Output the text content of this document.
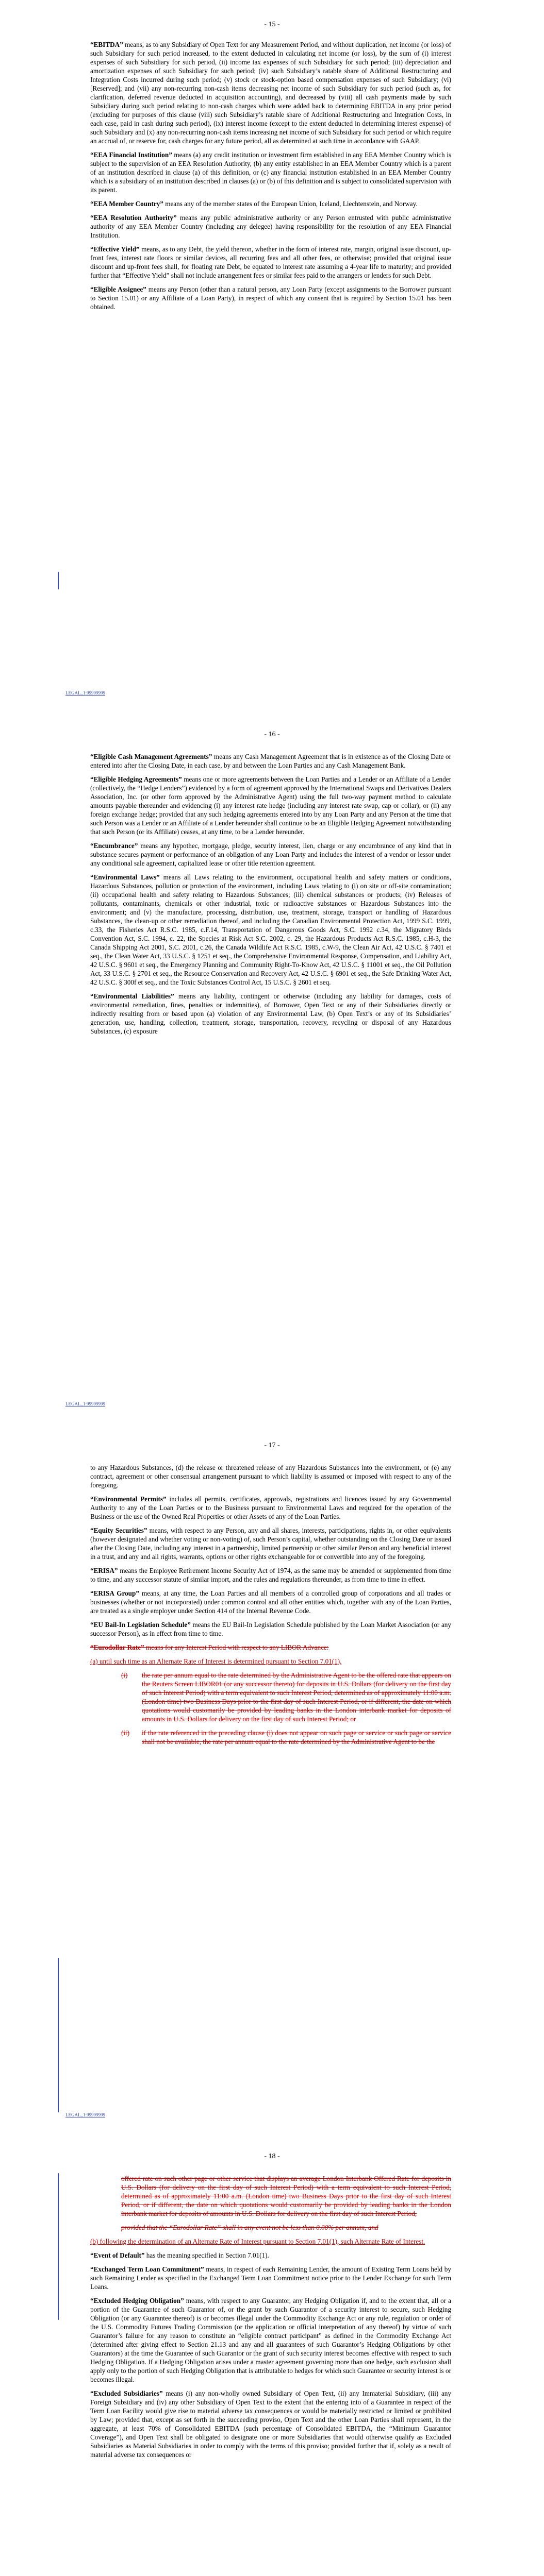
- 15 -

“EBITDA” means, as to any Subsidiary of Open Text for any Measurement Period, and without duplication, net income (or loss) of such Subsidiary for such period increased, to the extent deducted in calculating net income (or loss), by the sum of (i) interest expenses of such Subsidiary for such period, (ii) income tax expenses of such Subsidiary for such period; (iii) depreciation and amortization expenses of such Subsidiary for such period; (iv) such Subsidiary’s ratable share of Additional Restructuring and Integration Costs incurred during such period; (v) stock or stock-option based compensation expenses of such Subsidiary; (vi) [Reserved]; and (vii) any non-recurring non-cash items decreasing net income of such Subsidiary for such period (such as, for clarification, deferred revenue deducted in acquisition accounting), and decreased by (viii) all cash payments made by such Subsidiary during such period relating to non-cash charges which were added back to determining EBITDA in any prior period (excluding for purposes of this clause (viii) such Subsidiary’s ratable share of Additional Restructuring and Integration Costs, in each case, paid in cash during such period), (ix) interest income (except to the extent deducted in determining interest expense) of such Subsidiary and (x) any non-recurring non-cash items increasing net income of such Subsidiary for such period or which require an accrual of, or reserve for, cash charges for any future period, all as determined at such time in accordance with GAAP.

“EEA Financial Institution” means (a) any credit institution or investment firm established in any EEA Member Country which is subject to the supervision of an EEA Resolution Authority, (b) any entity established in an EEA Member Country which is a parent of an institution described in clause (a) of this definition, or (c) any financial institution established in an EEA Member Country which is a subsidiary of an institution described in clauses (a) or (b) of this definition and is subject to consolidated supervision with its parent.

“EEA Member Country” means any of the member states of the European Union, Iceland, Liechtenstein, and Norway.

“EEA Resolution Authority” means any public administrative authority or any Person entrusted with public administrative authority of any EEA Member Country (including any delegee) having responsibility for the resolution of any EEA Financial Institution.

“Effective Yield” means, as to any Debt, the yield thereon, whether in the form of interest rate, margin, original issue discount, up-front fees, interest rate floors or similar devices, all recurring fees and all other fees, or otherwise; provided that original issue discount and up-front fees shall, for floating rate Debt, be equated to interest rate assuming a 4-year life to maturity; and provided further that “Effective Yield” shall not include arrangement fees or similar fees paid to the arrangers or lenders for such Debt.

“Eligible Assignee” means any Person (other than a natural person, any Loan Party (except assignments to the Borrower pursuant to Section 15.01) or any Affiliate of a Loan Party), in respect of which any consent that is required by Section 15.01 has been obtained.

LEGAL_1:99999999
- 16 -

“Eligible Cash Management Agreements” means any Cash Management Agreement that is in existence as of the Closing Date or entered into after the Closing Date, in each case, by and between the Loan Parties and any Cash Management Bank.

“Eligible Hedging Agreements” means one or more agreements between the Loan Parties and a Lender or an Affiliate of a Lender (collectively, the “Hedge Lenders”) evidenced by a form of agreement approved by the International Swaps and Derivatives Dealers Association, Inc. (or other form approved by the Administrative Agent) using the full two-way payment method to calculate amounts payable thereunder and evidencing (i) any interest rate hedge (including any interest rate swap, cap or collar); or (ii) any foreign exchange hedge; provided that any such hedging agreements entered into by any Loan Party and any Person at the time that such Person was a Lender or an Affiliate of a Lender hereunder shall continue to be an Eligible Hedging Agreement notwithstanding that such Person (or its Affiliate) ceases, at any time, to be a Lender hereunder.

“Encumbrance” means any hypothec, mortgage, pledge, security interest, lien, charge or any encumbrance of any kind that in substance secures payment or performance of an obligation of any Loan Party and includes the interest of a vendor or lessor under any conditional sale agreement, capitalized lease or other title retention agreement.

“Environmental Laws” means all Laws relating to the environment, occupational health and safety matters or conditions, Hazardous Substances, pollution or protection of the environment, including Laws relating to (i) on site or off-site contamination; (ii) occupational health and safety relating to Hazardous Substances; (iii) chemical substances or products; (iv) Releases of pollutants, contaminants, chemicals or other industrial, toxic or radioactive substances or Hazardous Substances into the environment; and (v) the manufacture, processing, distribution, use, treatment, storage, transport or handling of Hazardous Substances, the clean-up or other remediation thereof, and including the Canadian Environmental Protection Act, 1999 S.C. 1999, c.33, the Fisheries Act R.S.C. 1985, c.F.14, Transportation of Dangerous Goods Act, S.C. 1992 c.34, the Migratory Birds Convention Act, S.C. 1994, c. 22, the Species at Risk Act S.C. 2002, c. 29, the Hazardous Products Act R.S.C. 1985, c.H-3, the Canada Shipping Act 2001, S.C. 2001, c.26, the Canada Wildlife Act R.S.C. 1985, c.W-9, the Clean Air Act, 42 U.S.C. § 7401 et seq., the Clean Water Act, 33 U.S.C. § 1251 et seq., the Comprehensive Environmental Response, Compensation, and Liability Act, 42 U.S.C. § 9601 et seq., the Emergency Planning and Community Right-To-Know Act, 42 U.S.C. § 11001 et seq., the Oil Pollution Act, 33 U.S.C. § 2701 et seq., the Resource Conservation and Recovery Act, 42 U.S.C. § 6901 et seq., the Safe Drinking Water Act, 42 U.S.C. § 300f et seq., and the Toxic Substances Control Act, 15 U.S.C. § 2601 et seq.

“Environmental Liabilities” means any liability, contingent or otherwise (including any liability for damages, costs of environmental remediation, fines, penalties or indemnities), of Borrower, Open Text or any of their Subsidiaries directly or indirectly resulting from or based upon (a) violation of any Environmental Law, (b) Open Text’s or any of its Subsidiaries’ generation, use, handling, collection, treatment, storage, transportation, recovery, recycling or disposal of any Hazardous Substances, (c) exposure

LEGAL_1:99999999
- 17 -

to any Hazardous Substances, (d) the release or threatened release of any Hazardous Substances into the environment, or (e) any contract, agreement or other consensual arrangement pursuant to which liability is assumed or imposed with respect to any of the foregoing.

“Environmental Permits” includes all permits, certificates, approvals, registrations and licences issued by any Governmental Authority to any of the Loan Parties or to the Business pursuant to Environmental Laws and required for the operation of the Business or the use of the Owned Real Properties or other Assets of any of the Loan Parties.

“Equity Securities” means, with respect to any Person, any and all shares, interests, participations, rights in, or other equivalents (however designated and whether voting or non-voting) of, such Person’s capital, whether outstanding on the Closing Date or issued after the Closing Date, including any interest in a partnership, limited partnership or other similar Person and any beneficial interest in a trust, and any and all rights, warrants, options or other rights exchangeable for or convertible into any of the foregoing.

“ERISA” means the Employee Retirement Income Security Act of 1974, as the same may be amended or supplemented from time to time, and any successor statute of similar import, and the rules and regulations thereunder, as from time to time in effect.

“ERISA Group” means, at any time, the Loan Parties and all members of a controlled group of corporations and all trades or businesses (whether or not incorporated) under common control and all other entities which, together with any of the Loan Parties, are treated as a single employer under Section 414 of the Internal Revenue Code.

“EU Bail-In Legislation Schedule” means the EU Bail-In Legislation Schedule published by the Loan Market Association (or any successor Person), as in effect from time to time.

“Eurodollar Rate” means for any Interest Period with respect to any LIBOR Advance:

(a) until such time as an Alternate Rate of Interest is determined pursuant to Section 7.01(1),

(i)	the rate per annum equal to the rate determined by the Administrative Agent to be the offered rate that appears on the Reuters Screen LIBOR01 (or any successor thereto) for deposits in U.S. Dollars (for delivery on the first day of such Interest Period) with a term equivalent to such Interest Period, determined as of approximately 11:00 a.m. (London time) two Business Days prior to the first day of such Interest Period, or if different, the date on which quotations would customarily be provided by leading banks in the London interbank market for deposits of amounts in U.S. Dollars for delivery on the first day of such Interest Period; or
(ii)	if the rate referenced in the preceding clause (i) does not appear on such page or service or such page or service shall not be available, the rate per annum equal to the rate determined by the Administrative Agent to be the
LEGAL_1:99999999
- 18 -

offered rate on such other page or other service that displays an average London Interbank Offered Rate for deposits in U.S. Dollars (for delivery on the first day of such Interest Period) with a term equivalent to such Interest Period, determined as of approximately 11:00 a.m. (London time) two Business Days prior to the first day of such Interest Period, or if different, the date on which quotations would customarily be provided by leading banks in the London interbank market for deposits of amounts in U.S. Dollars for delivery on the first day of such Interest Period,

provided that the “Eurodollar Rate” shall in any event not be less than 0.00% per annum, and

(b) following the determination of an Alternate Rate of Interest pursuant to Section 7.01(1), such Alternate Rate of Interest.

“Event of Default” has the meaning specified in Section 7.01(1).

“Exchanged Term Loan Commitment” means, in respect of each Remaining Lender, the amount of Existing Term Loans held by such Remaining Lender as specified in the Exchanged Term Loan Commitment notice prior to the Lender Exchange for such Term Loans.

“Excluded Hedging Obligation” means, with respect to any Guarantor, any Hedging Obligation if, and to the extent that, all or a portion of the Guarantee of such Guarantor of, or the grant by such Guarantor of a security interest to secure, such Hedging Obligation (or any Guarantee thereof) is or becomes illegal under the Commodity Exchange Act or any rule, regulation or order of the U.S. Commodity Futures Trading Commission (or the application or official interpretation of any thereof) by virtue of such Guarantor’s failure for any reason to constitute an “eligible contract participant” as defined in the Commodity Exchange Act (determined after giving effect to Section 21.13 and any and all guarantees of such Guarantor’s Hedging Obligations by other Guarantors) at the time the Guarantee of such Guarantor or the grant of such security interest becomes effective with respect to such Hedging Obligation. If a Hedging Obligation arises under a master agreement governing more than one hedge, such exclusion shall apply only to the portion of such Hedging Obligation that is attributable to hedges for which such Guarantee or security interest is or becomes illegal.

“Excluded Subsidiaries” means (i) any non-wholly owned Subsidiary of Open Text, (ii) any Immaterial Subsidiary, (iii) any Foreign Subsidiary and (iv) any other Subsidiary of Open Text to the extent that the entering into of a Guarantee in respect of the Term Loan Facility would give rise to material adverse tax consequences or would be materially restricted or limited or prohibited by Law; provided that, except as set forth in the succeeding proviso, Open Text and the other Loan Parties shall represent, in the aggregate, at least 70% of Consolidated EBITDA (such percentage of Consolidated EBITDA, the “Minimum Guarantor Coverage”), and Open Text shall be obligated to designate one or more Subsidiaries that would otherwise qualify as Excluded Subsidiaries as Material Subsidiaries in order to comply with the terms of this proviso; provided further that if, solely as a result of material adverse tax consequences or
